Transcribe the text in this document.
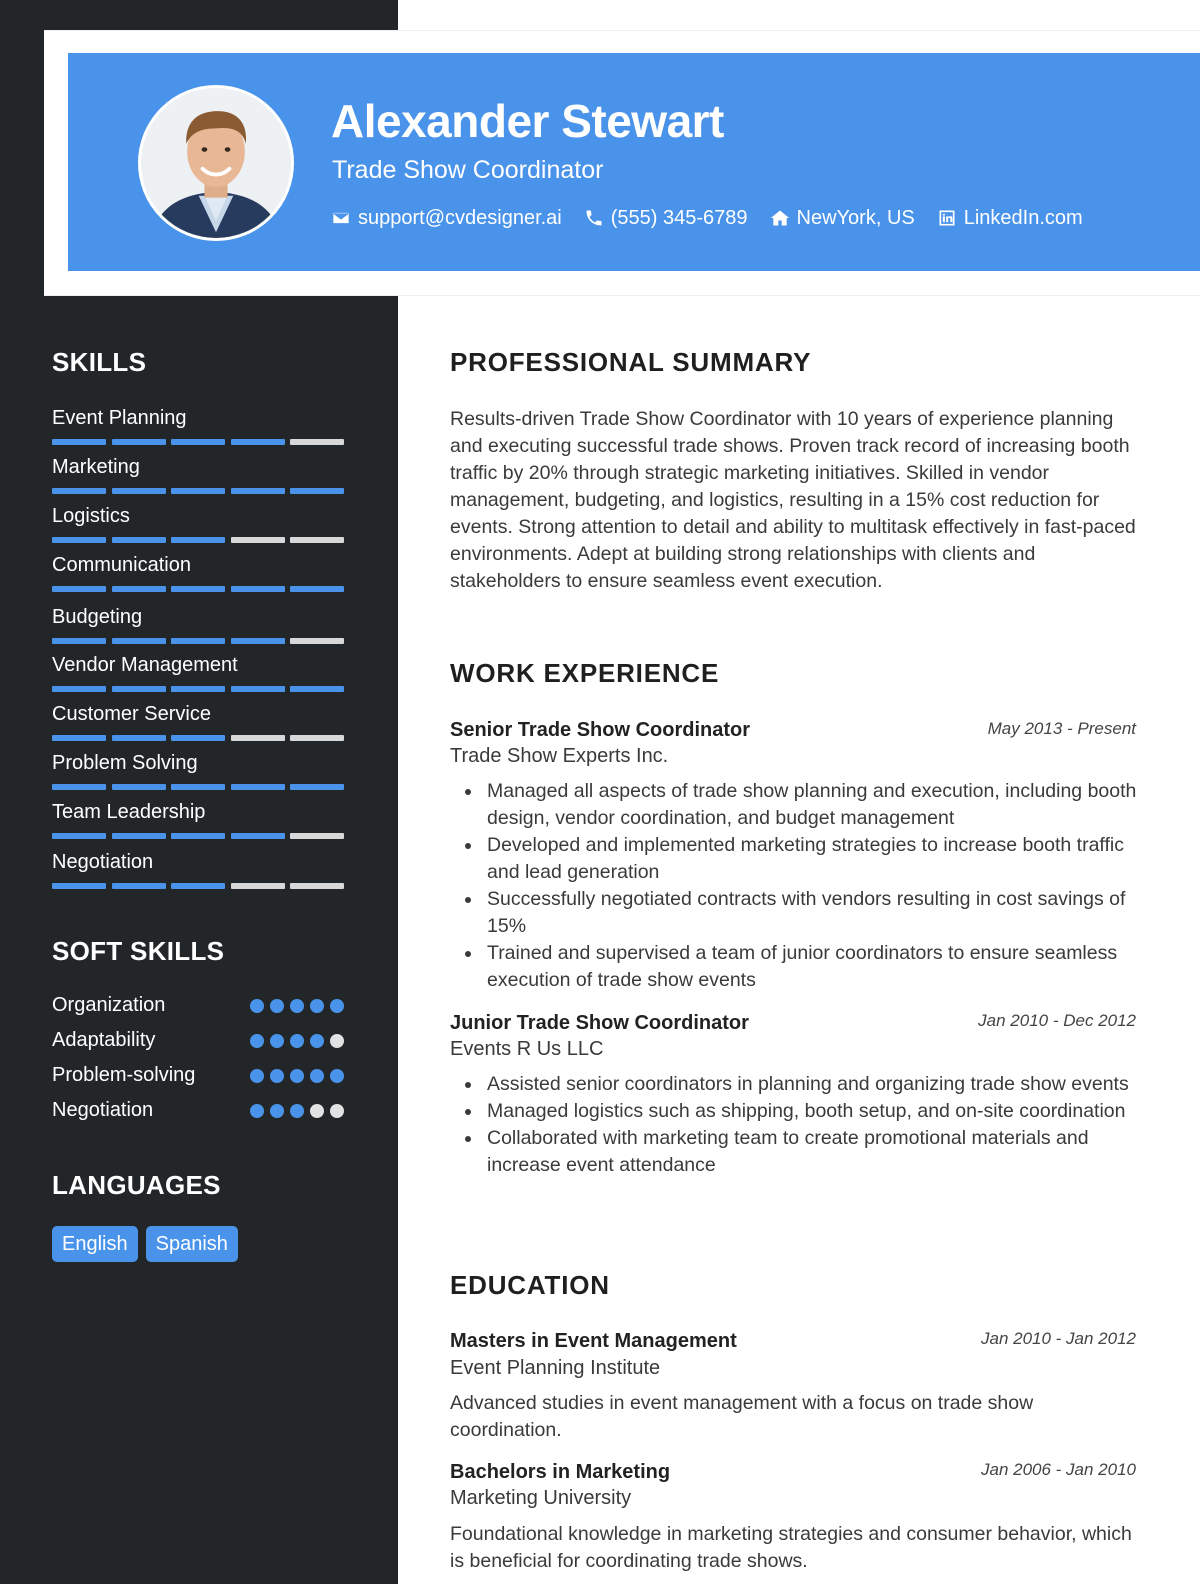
Alexander Stewart
Trade Show Coordinator
support@cvdesigner.ai (555) 345-6789 NewYork, US LinkedIn.com
SKILLS
Event Planning
Marketing
Logistics
Communication
Budgeting
Vendor Management
Customer Service
Problem Solving
Team Leadership
Negotiation
SOFT SKILLS
Organization
Adaptability
Problem-solving
Negotiation
LANGUAGES
English	Spanish
PROFESSIONAL SUMMARY
Results-driven Trade Show Coordinator with 10 years of experience planning and executing successful trade shows. Proven track record of increasing booth traffic by 20% through strategic marketing initiatives. Skilled in vendor management, budgeting, and logistics, resulting in a 15% cost reduction for events. Strong attention to detail and ability to multitask effectively in fast-paced environments. Adept at building strong relationships with clients and stakeholders to ensure seamless event execution.
WORK EXPERIENCE
Senior Trade Show Coordinator	May 2013 - Present
Trade Show Experts Inc.
Managed all aspects of trade show planning and execution, including booth design, vendor coordination, and budget management
Developed and implemented marketing strategies to increase booth traffic and lead generation
Successfully negotiated contracts with vendors resulting in cost savings of 15%
Trained and supervised a team of junior coordinators to ensure seamless execution of trade show events
Junior Trade Show Coordinator	Jan 2010 - Dec 2012
Events R Us LLC
Assisted senior coordinators in planning and organizing trade show events
Managed logistics such as shipping, booth setup, and on-site coordination
Collaborated with marketing team to create promotional materials and increase event attendance
EDUCATION
Masters in Event Management	Jan 2010 - Jan 2012
Event Planning Institute
Advanced studies in event management with a focus on trade show coordination.
Bachelors in Marketing	Jan 2006 - Jan 2010
Marketing University
Foundational knowledge in marketing strategies and consumer behavior, which is beneficial for coordinating trade shows.
